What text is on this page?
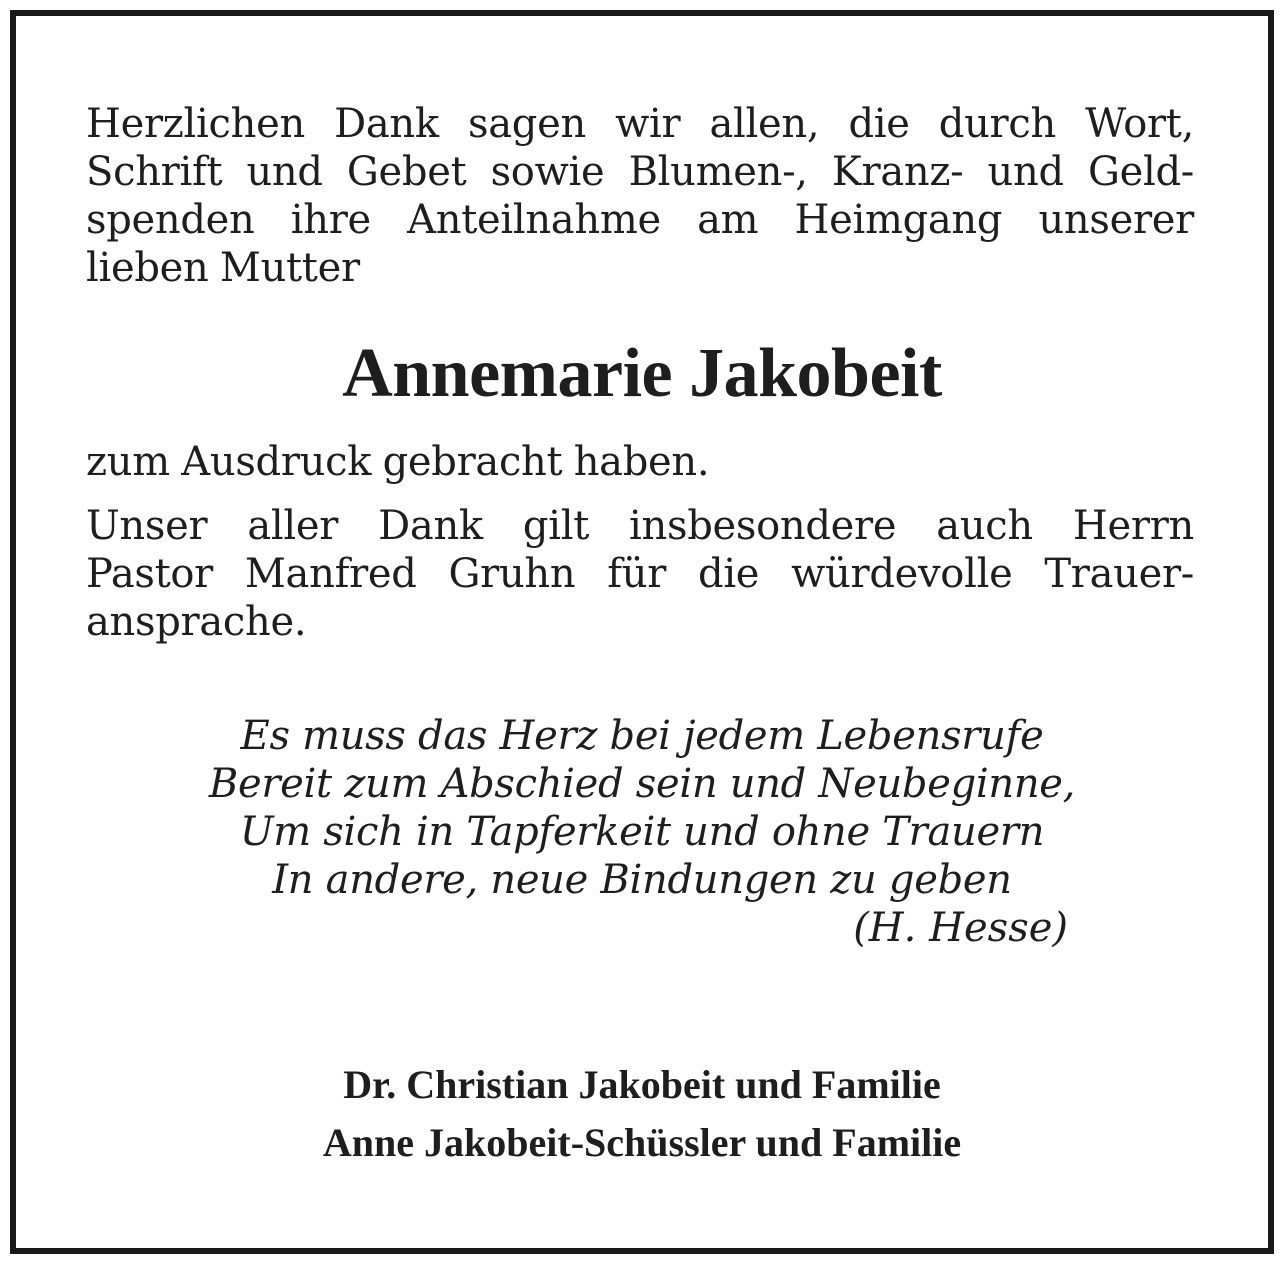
Herzlichen Dank sagen wir allen, die durch Wort,
Schrift und Gebet sowie Blumen-, Kranz- und Geld-
spenden ihre Anteilnahme am Heimgang unserer
lieben Mutter
Annemarie Jakobeit
zum Ausdruck gebracht haben.
Unser aller Dank gilt insbesondere auch Herrn
Pastor Manfred Gruhn für die würdevolle Trauer-
ansprache.
Es muss das Herz bei jedem Lebensrufe
Bereit zum Abschied sein und Neubeginne,
Um sich in Tapferkeit und ohne Trauern
In andere, neue Bindungen zu geben
(H. Hesse)
Dr. Christian Jakobeit und Familie
Anne Jakobeit-Schüssler und Familie
